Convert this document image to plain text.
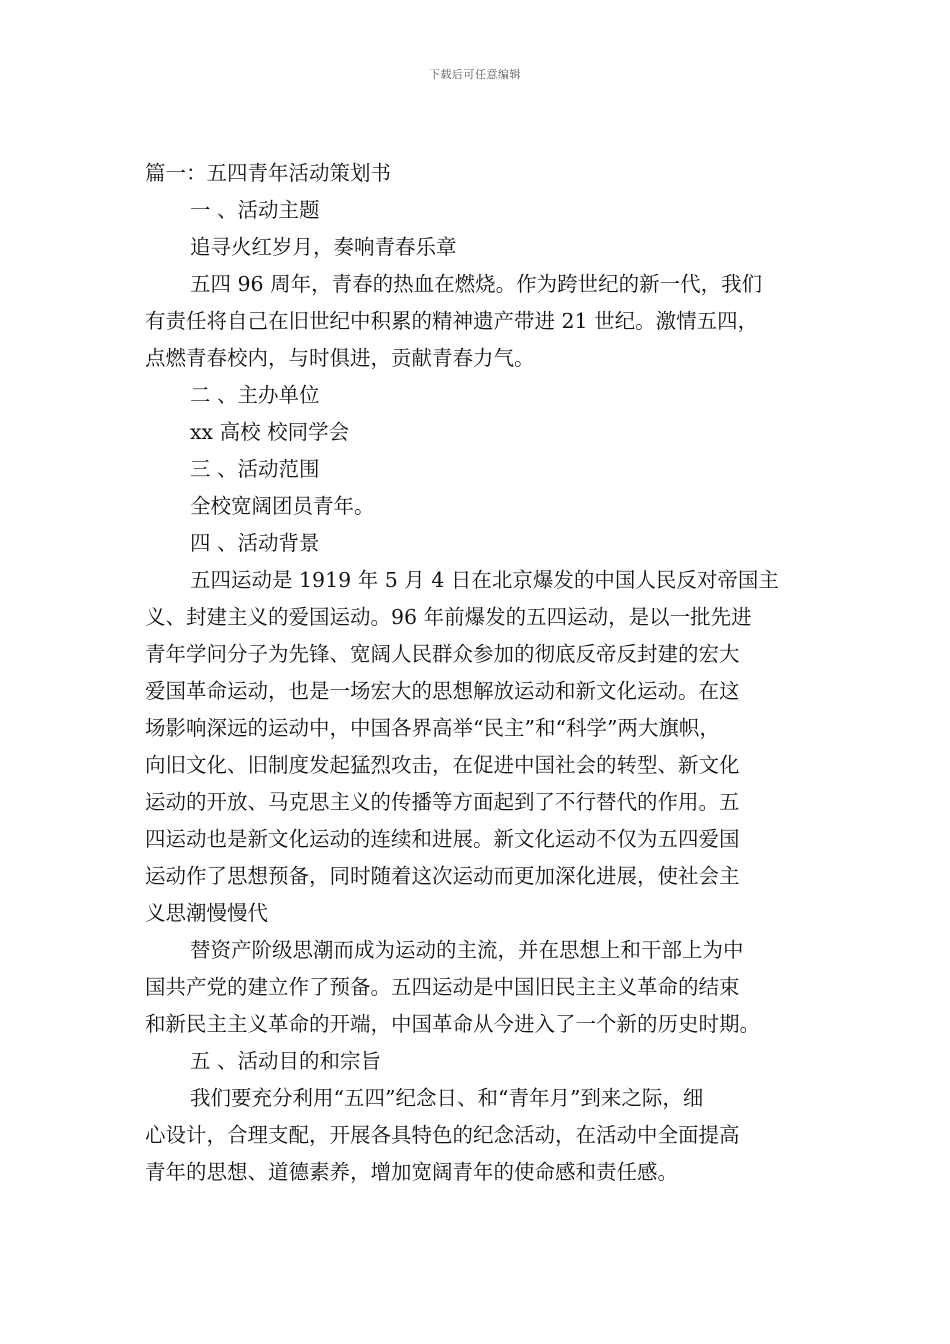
下载后可任意编辑

篇一：五四青年活动策划书

一 、活动主题

追寻火红岁月，奏响青春乐章

五四 96 周年，青春的热血在燃烧。作为跨世纪的新一代，我们

有责任将自己在旧世纪中积累的精神遗产带进 21 世纪。激情五四，

点燃青春校内，与时俱进，贡献青春力气。

二 、主办单位

xx 高校 校同学会

三 、活动范围

全校宽阔团员青年。

四 、活动背景

五四运动是 1919 年 5 月 4 日在北京爆发的中国人民反对帝国主

义、封建主义的爱国运动。96 年前爆发的五四运动，是以一批先进

青年学问分子为先锋、宽阔人民群众参加的彻底反帝反封建的宏大

爱国革命运动，也是一场宏大的思想解放运动和新文化运动。在这

场影响深远的运动中，中国各界高举“民主”和“科学”两大旗帜，

向旧文化、旧制度发起猛烈攻击，在促进中国社会的转型、新文化

运动的开放、马克思主义的传播等方面起到了不行替代的作用。五

四运动也是新文化运动的连续和进展。新文化运动不仅为五四爱国

运动作了思想预备，同时随着这次运动而更加深化进展，使社会主

义思潮慢慢代

替资产阶级思潮而成为运动的主流，并在思想上和干部上为中

国共产党的建立作了预备。五四运动是中国旧民主主义革命的结束

和新民主主义革命的开端，中国革命从今进入了一个新的历史时期。

五 、活动目的和宗旨

我们要充分利用“五四”纪念日、和“青年月”到来之际，细

心设计，合理支配，开展各具特色的纪念活动，在活动中全面提高

青年的思想、道德素养，增加宽阔青年的使命感和责任感。
